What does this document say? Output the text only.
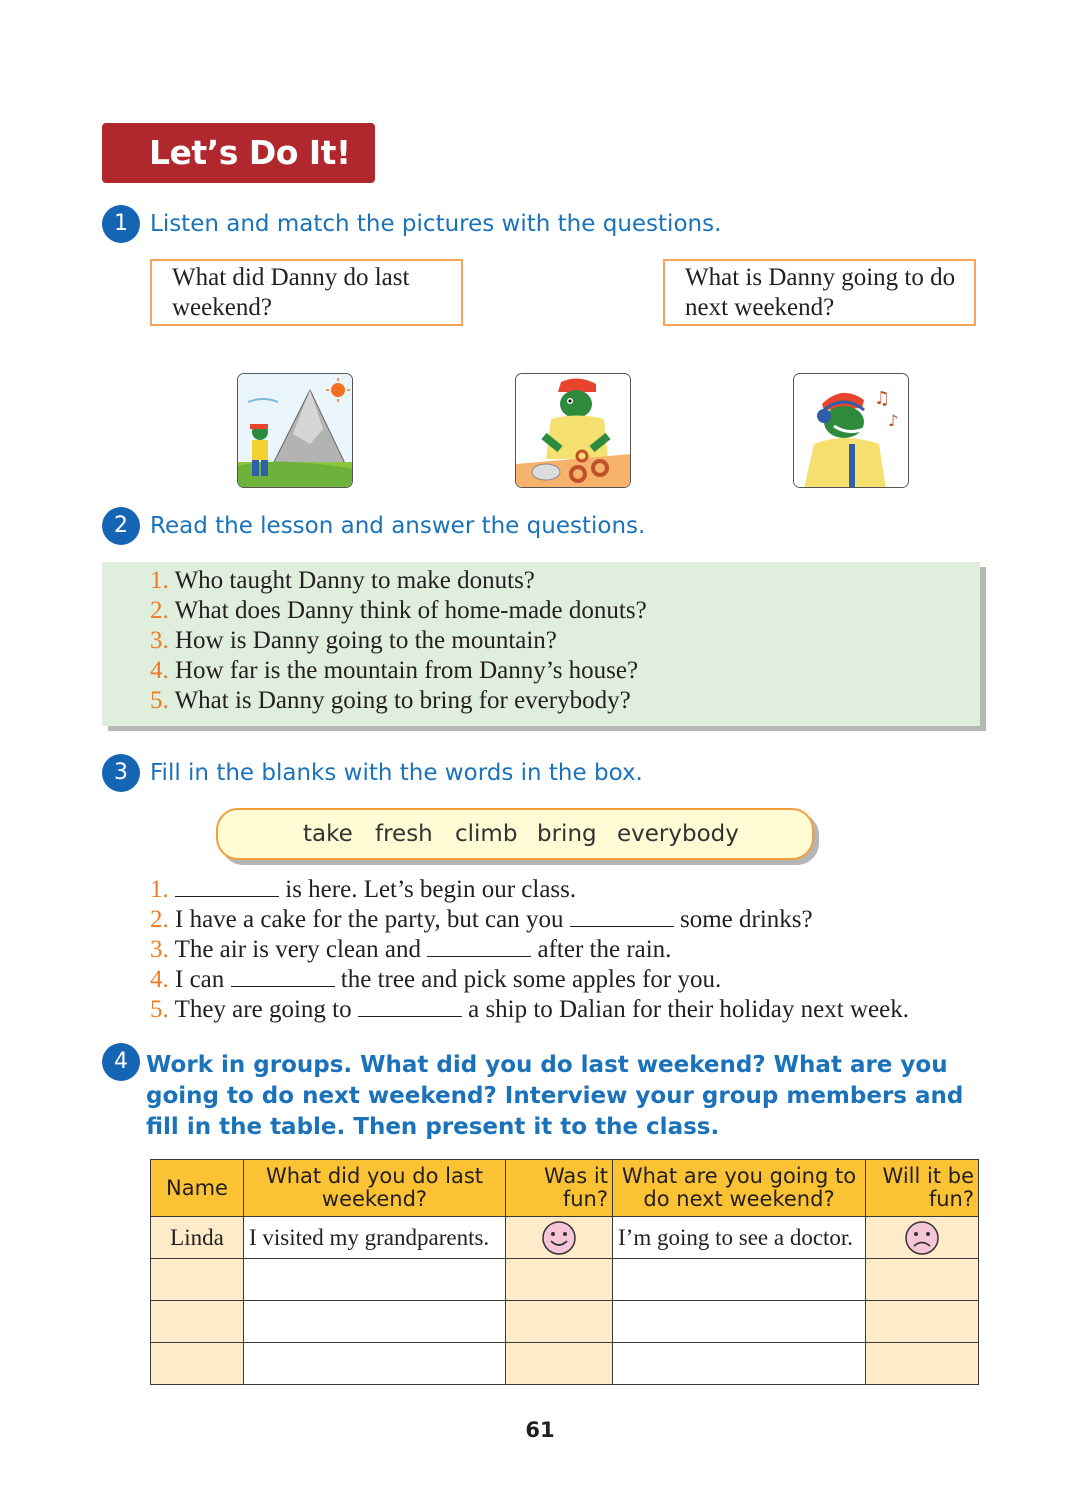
Let’s Do It!
1 Listen and match the pictures with the questions.
What did Danny do last weekend?
What is Danny going to do next weekend?
♫
♪
2 Read the lesson and answer the questions.
1. Who taught Danny to make donuts?
2. What does Danny think of home-made donuts?
3. How is Danny going to the mountain?
4. How far is the mountain from Danny’s house?
5. What is Danny going to bring for everybody?
3 Fill in the blanks with the words in the box.
take fresh climb bring everybody
1.	is here. Let’s begin our class.
2. I have a cake for the party, but can you	some drinks?
3. The air is very clean and	after the rain.
4. I can	the tree and pick some apples for you.
5. They are going to	a ship to Dalian for their holiday next week.
4 Work in groups. What did you do last weekend? What are you going to do next weekend? Interview your group members and fill in the table. Then present it to the class.
Name	What did you do last weekend?	Was it fun?	What are you going to do next weekend?	Will it be fun?
Linda	I visited my grandparents.		I’m going to see a doctor.	

61
